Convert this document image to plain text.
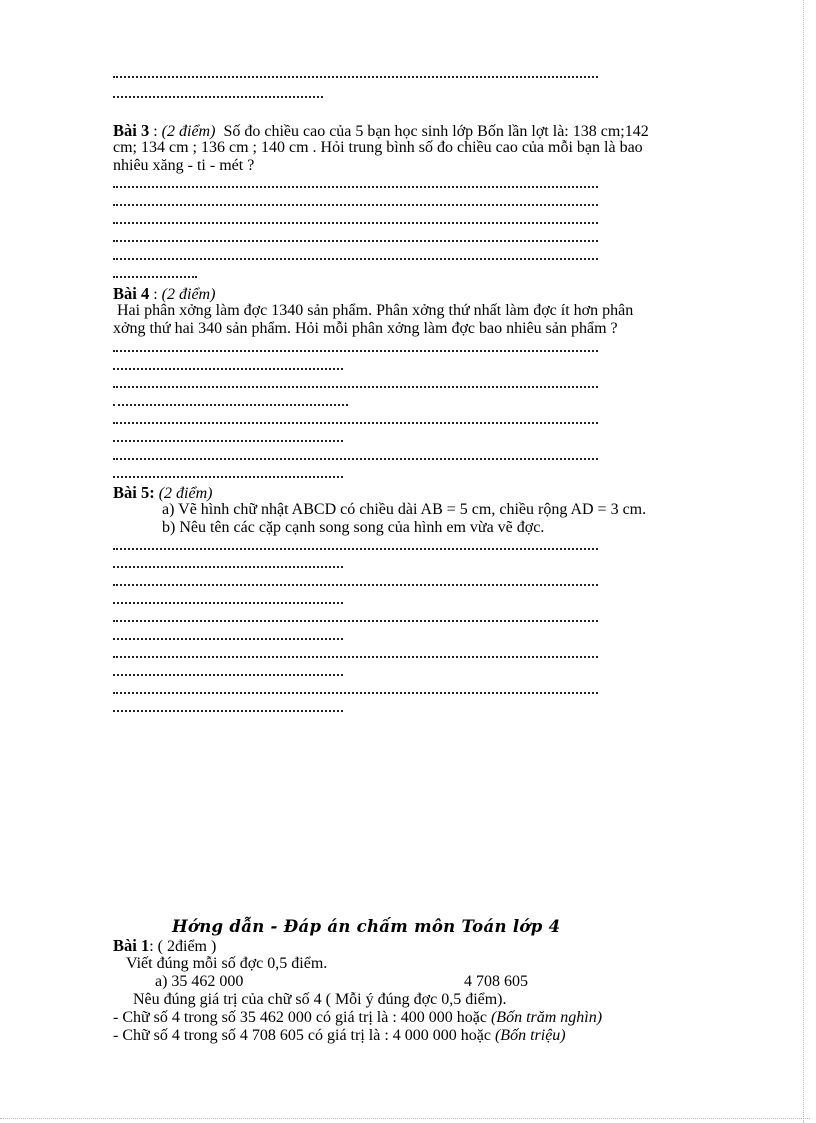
Bài 3 : (2 điểm) Số đo chiều cao của 5 bạn học sinh lớp Bốn lần lợt là: 138 cm;142
cm; 134 cm ; 136 cm ; 140 cm . Hỏi trung bình số đo chiều cao của mỗi bạn là bao
nhiêu xăng - ti - mét ?
Bài 4 : (2 điểm)
Hai phân xởng làm đợc 1340 sản phẩm. Phân xởng thứ nhất làm đợc ít hơn phân
xởng thứ hai 340 sản phẩm. Hỏi mỗi phân xởng làm đợc bao nhiêu sản phẩm ?
Bài 5: (2 điểm)
a) Vẽ hình chữ nhật ABCD có chiều dài AB = 5 cm, chiều rộng AD = 3 cm.
b) Nêu tên các cặp cạnh song song của hình em vừa vẽ đợc.
Hớng dẫn - Đáp án chấm môn Toán lớp 4
Bài 1: ( 2điểm )
Viết đúng mỗi số đợc 0,5 điểm.
a) 35 462 000	4 708 605
Nêu đúng giá trị của chữ số 4 ( Mỗi ý đúng đợc 0,5 điểm).
- Chữ số 4 trong số 35 462 000 có giá trị là : 400 000 hoặc (Bốn trăm nghìn)
- Chữ số 4 trong số 4 708 605 có giá trị là : 4 000 000 hoặc (Bốn triệu)
